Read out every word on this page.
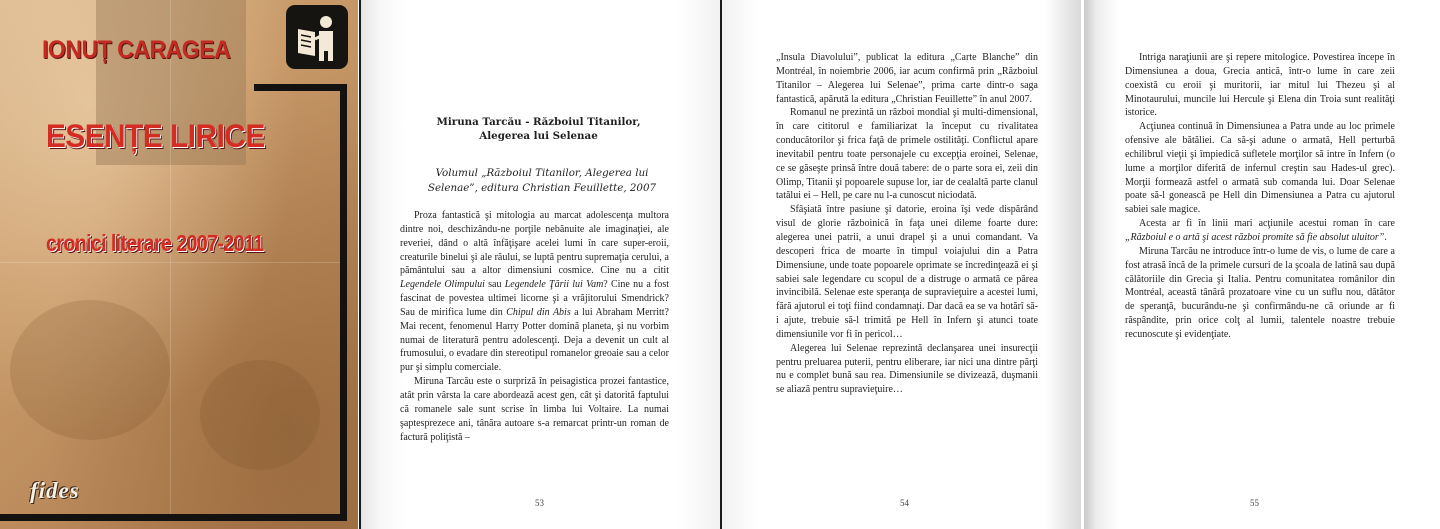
IONUȚ CARAGEA
ESENȚE LIRICE
cronici literare 2007-2011
fides
Miruna Tarcău - Războiul Titanilor, Alegerea lui Selenae
Volumul „Războiul Titanilor, Alegerea lui Selenae”, editura Christian Feuillette, 2007

Proza fantastică şi mitologia au marcat adolescenţa multora dintre noi, deschizându-ne porţile nebănuite ale imaginaţiei, ale reveriei, dând o altă înfăţişare acelei lumi în care super-eroii, creaturile binelui şi ale răului, se luptă pentru supremaţia cerului, a pământului sau a altor dimensiuni cosmice. Cine nu a citit Legendele Olimpului sau Legendele Ţării lui Vam? Cine nu a fost fascinat de povestea ultimei licorne şi a vrăjitorului Smendrick? Sau de mirifica lume din Chipul din Abis a lui Abraham Merritt? Mai recent, fenomenul Harry Potter domină planeta, şi nu vorbim numai de literatură pentru adolescenţi. Deja a devenit un cult al frumosului, o evadare din stereotipul romanelor greoaie sau a celor pur şi simplu comerciale.

Miruna Tarcău este o surpriză în peisagistica prozei fantastice, atât prin vârsta la care abordează acest gen, cât şi datorită faptului că romanele sale sunt scrise în limba lui Voltaire. La numai şaptesprezece ani, tânăra autoare s-a remarcat printr-un roman de factură poliţistă –

53

„Insula Diavolului”, publicat la editura „Carte Blanche” din Montréal, în noiembrie 2006, iar acum confirmă prin „Războiul Titanilor – Alegerea lui Selenae”, prima carte dintr-o saga fantastică, apărută la editura „Christian Feuillette” în anul 2007.

Romanul ne prezintă un război mondial şi multi-dimensional, în care cititorul e familiarizat la început cu rivalitatea conducătorilor şi frica faţă de primele ostilităţi. Conflictul apare inevitabil pentru toate personajele cu excepţia eroinei, Selenae, ce se găseşte prinsă între două tabere: de o parte sora ei, zeii din Olimp, Titanii şi popoarele supuse lor, iar de cealaltă parte clanul tatălui ei – Hell, pe care nu l-a cunoscut niciodată.

Sfâşiată între pasiune şi datorie, eroina îşi vede dispărând visul de glorie războinică în faţa unei dileme foarte dure: alegerea unei patrii, a unui drapel şi a unui comandant. Va descoperi frica de moarte în timpul voiajului din a Patra Dimensiune, unde toate popoarele oprimate se încredinţează ei şi sabiei sale legendare cu scopul de a distruge o armată ce părea invincibilă. Selenae este speranţa de supravieţuire a acestei lumi, fără ajutorul ei toţi fiind condamnaţi. Dar dacă ea se va hotărî să-i ajute, trebuie să-l trimită pe Hell în Infern şi atunci toate dimensiunile vor fi în pericol…

Alegerea lui Selenae reprezintă declanşarea unei insurecţii pentru preluarea puterii, pentru eliberare, iar nici una dintre părţi nu e complet bună sau rea. Dimensiunile se divizează, duşmanii se aliază pentru supravieţuire…

54

Intriga naraţiunii are şi repere mitologice. Povestirea începe în Dimensiunea a doua, Grecia antică, într-o lume în care zeii coexistă cu eroii şi muritorii, iar mitul lui Thezeu şi al Minotaurului, muncile lui Hercule şi Elena din Troia sunt realităţi istorice.

Acţiunea continuă în Dimensiunea a Patra unde au loc primele ofensive ale bătăliei. Ca să-şi adune o armată, Hell perturbă echilibrul vieţii şi împiedică sufletele morţilor să intre în Infern (o lume a morţilor diferită de infernul creştin sau Hades-ul grec). Morţii formează astfel o armată sub comanda lui. Doar Selenae poate să-l gonească pe Hell din Dimensiunea a Patra cu ajutorul sabiei sale magice.

Acesta ar fi în linii mari acţiunile acestui roman în care „Războiul e o artă şi acest război promite să fie absolut uluitor”.

Miruna Tarcău ne introduce într-o lume de vis, o lume de care a fost atrasă încă de la primele cursuri de la şcoala de latină sau după călătoriile din Grecia şi Italia. Pentru comunitatea românilor din Montréal, această tânără prozatoare vine cu un suflu nou, dătător de speranţă, bucurându-ne şi confirmându-ne că oriunde ar fi răspândite, prin orice colţ al lumii, talentele noastre trebuie recunoscute şi evidenţiate.

55
